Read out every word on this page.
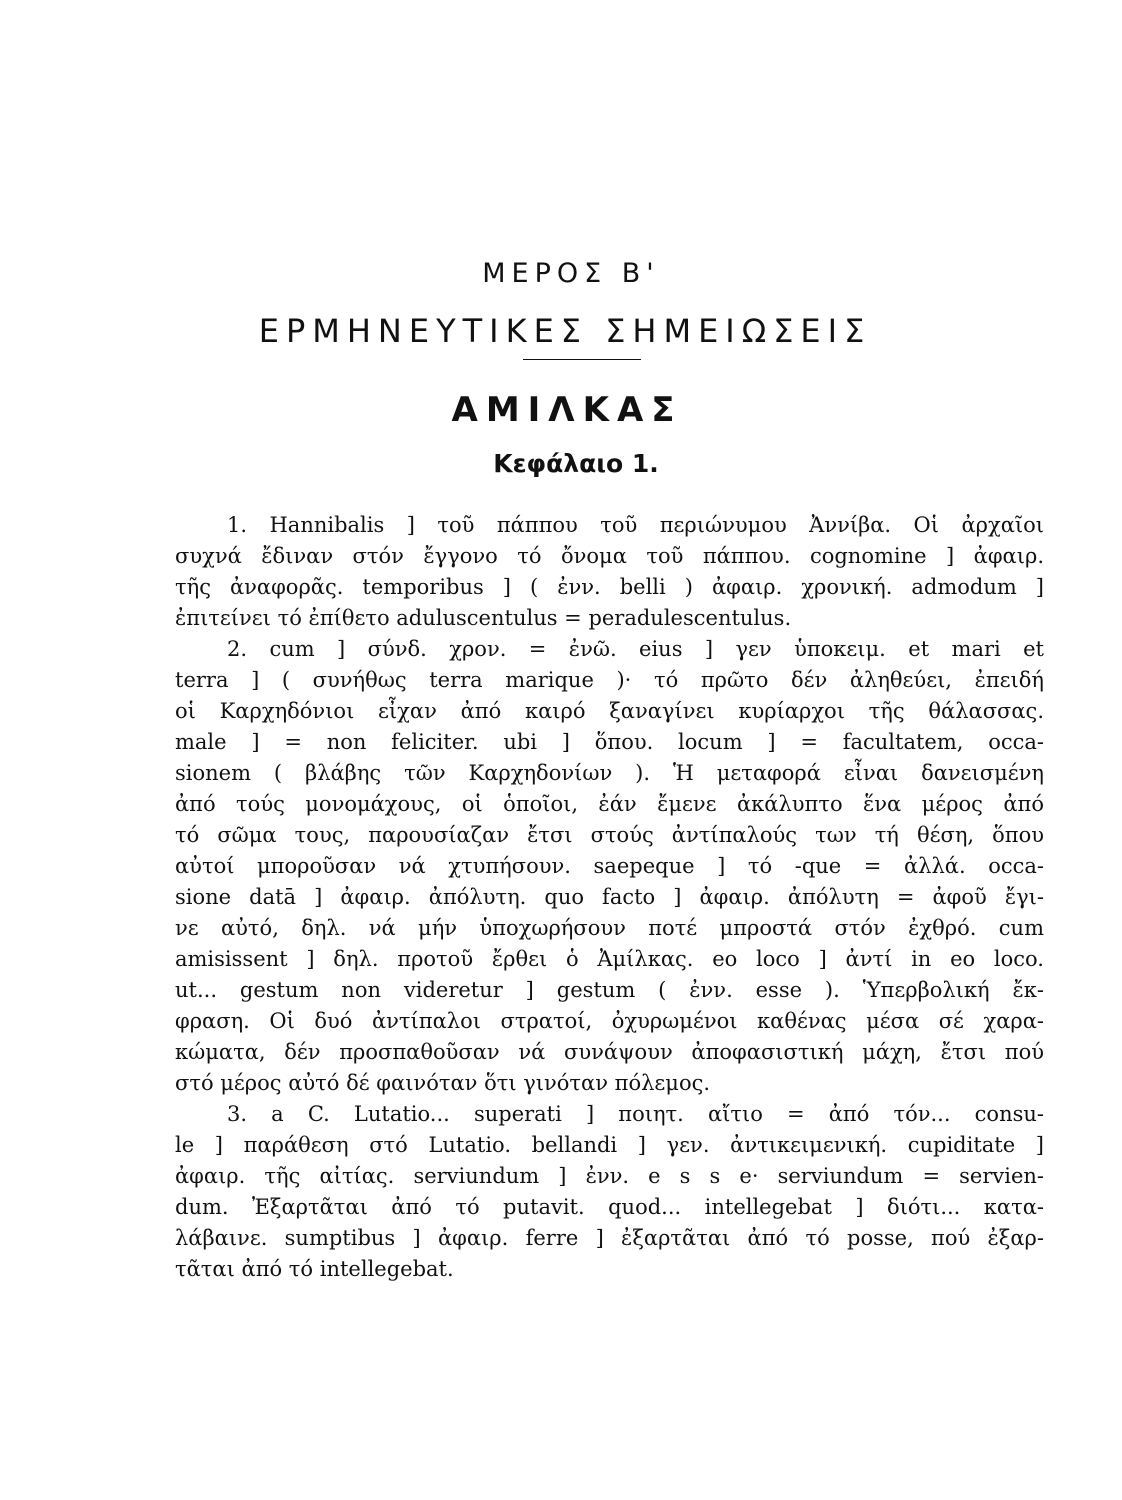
ΜΕΡΟΣ Β'
ΕΡΜΗΝΕΥΤΙΚΕΣ ΣΗΜΕΙΩΣΕΙΣ
ΑΜΙΛΚΑΣ
Κεφάλαιο 1.
1. Hannibalis ] τοῦ πάππου τοῦ περιώνυμου Ἀννίβα. Οἱ ἀρχαῖοι
συχνά ἔδιναν στόν ἔγγονο τό ὄνομα τοῦ πάππου. cognomine ] ἀφαιρ.
τῆς ἀναφορᾶς. temporibus ] ( ἐνν. belli ) ἀφαιρ. χρονική. admodum ]
ἐπιτείνει τό ἐπίθετο aduluscentulus = peradulescentulus.
2. cum ] σύνδ. χρον. = ἐνῶ. eius ] γεν ὑποκειμ. et mari et
terra ] ( συνήθως terra marique )· τό πρῶτο δέν ἀληθεύει, ἐπειδή
οἱ Καρχηδόνιοι εἶχαν ἀπό καιρό ξαναγίνει κυρίαρχοι τῆς θάλασσας.
male ] = non feliciter. ubi ] ὅπου. locum ] = facultatem, occa-
sionem ( βλάβης τῶν Καρχηδονίων ). Ἡ μεταφορά εἶναι δανεισμένη
ἀπό τούς μονομάχους, οἱ ὁποῖοι, ἐάν ἔμενε ἀκάλυπτο ἕνα μέρος ἀπό
τό σῶμα τους, παρουσίαζαν ἔτσι στούς ἀντίπαλούς των τή θέση, ὅπου
αὐτοί μποροῦσαν νά χτυπήσουν. saepeque ] τό -que = ἀλλά. occa-
sione datā ] ἀφαιρ. ἀπόλυτη. quo facto ] ἀφαιρ. ἀπόλυτη = ἀφοῦ ἔγι-
νε αὐτό, δηλ. νά μήν ὑποχωρήσουν ποτέ μπροστά στόν ἐχθρό. cum
amisissent ] δηλ. προτοῦ ἔρθει ὁ Ἀμίλκας. eo loco ] ἀντί in eo loco.
ut... gestum non videretur ] gestum ( ἐνν. esse ). Ὑπερβολική ἔκ-
φραση. Οἱ δυό ἀντίπαλοι στρατοί, ὀχυρωμένοι καθένας μέσα σέ χαρα-
κώματα, δέν προσπαθοῦσαν νά συνάψουν ἀποφασιστική μάχη, ἔτσι πού
στό μέρος αὐτό δέ φαινόταν ὅτι γινόταν πόλεμος.
3. a C. Lutatio... superati ] ποιητ. αἴτιο = ἀπό τόν... consu-
le ] παράθεση στό Lutatio. bellandi ] γεν. ἀντικειμενική. cupiditate ]
ἀφαιρ. τῆς αἰτίας. serviundum ] ἐνν. e s s e· serviundum = servien-
dum. Ἐξαρτᾶται ἀπό τό putavit. quod... intellegebat ] διότι... κατα-
λάβαινε. sumptibus ] ἀφαιρ. ferre ] ἐξαρτᾶται ἀπό τό posse, πού ἐξαρ-
τᾶται ἀπό τό intellegebat.
